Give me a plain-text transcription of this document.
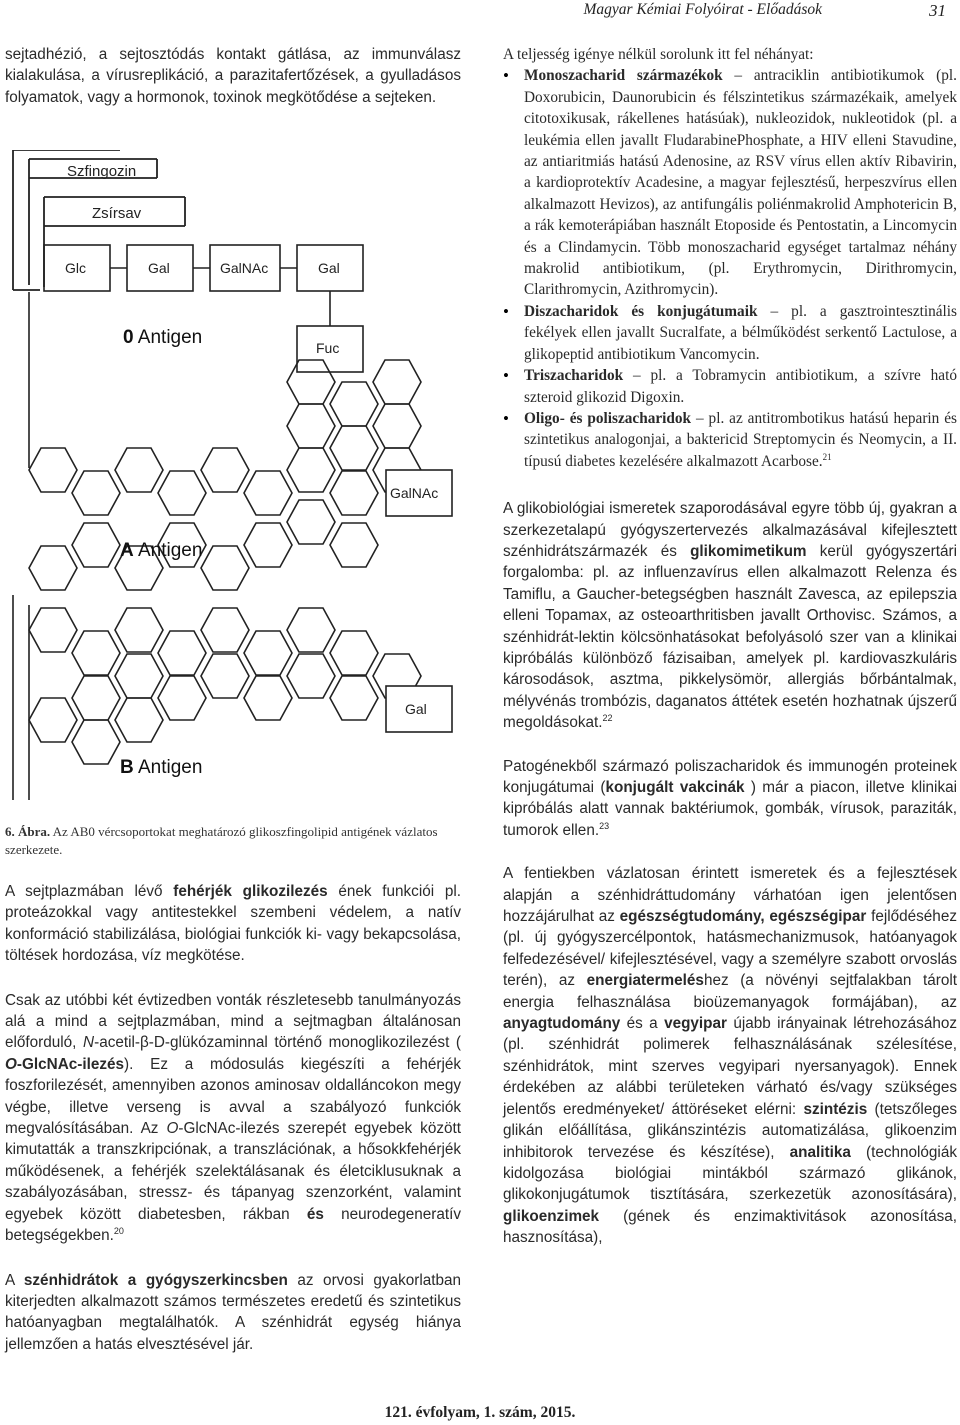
Magyar Kémiai Folyóirat - Előadások	31

sejtadhézió, a sejtosztódás kontakt gátlása, az immunválasz kialakulása, a vírusreplikáció, a parazitafertőzések, a gyulladásos folyamatok, vagy a hormonok, toxinok megkötődése a sejteken.

Szfingozin
Zsírsav
Glc	Gal	GalNAc	Gal
Fuc
0 Antigen
GalNAc
A Antigen
Gal
B Antigen
6. Ábra. Az AB0 vércsoportokat meghatározó glikoszfingolipid antigének vázlatos szerkezete.

A sejtplazmában lévő fehérjék glikozilezés ének funkciói pl. proteázokkal vagy antitestekkel szembeni védelem, a natív konformáció stabilizálása, biológiai funkciók ki- vagy bekapcsolása, töltések hordozása, víz megkötése.

Csak az utóbbi két évtizedben vonták részletesebb tanulmányozás alá a mind a sejtplazmában, mind a sejtmagban általánosan előforduló, N-acetil-β-D-glükózaminnal történő monoglikozilezést ( O-GlcNAc-ilezés). Ez a módosulás kiegészíti a fehérjék foszforilezését, amennyiben azonos aminosav oldalláncokon megy végbe, illetve verseng is avval a szabályozó funkciók megvalósításában. Az O-GlcNAc-ilezés szerepét egyebek között kimutatták a transzkripciónak, a transzlációnak, a hősokkfehérjék működésenek, a fehérjék szelektálásanak és életciklusuknak a szabályozásában, stressz- és tápanyag szenzorként, valamint egyebek között diabetesben, rákban és neurodegeneratív betegségekben.$^{20}$

A szénhidrátok a gyógyszerkincsben az orvosi gyakorlatban kiterjedten alkalmazott számos természetes eredetű és szintetikus hatóanyagban megtalálhatók. A szénhidrát egység hiánya jellemzően a hatás elvesztésével jár.

A teljesség igénye nélkül sorolunk itt fel néhányat:

• Monoszacharid származékok – antraciklin antibiotikumok (pl. Doxorubicin, Daunorubicin és félszintetikus származékaik, amelyek citotoxikusak, rákellenes hatásúak), nukleozidok, nukleotidok (pl. a leukémia ellen javallt FludarabinePhosphate, a HIV elleni Stavudine, az antiaritmiás hatású Adenosine, az RSV vírus ellen aktív Ribavirin, a kardioprotektív Acadesine, a magyar fejlesztésű, herpeszvírus ellen alkalmazott Hevizos), az antifungális poliénmakrolid Amphotericin B, a rák kemoterápiában használt Etoposide és Pentostatin, a Lincomycin és a Clindamycin. Több monoszacharid egységet tartalmaz néhány makrolid antibiotikum, (pl. Erythromycin, Dirithromycin, Clarithromycin, Azithromycin).
• Diszacharidok és konjugátumaik – pl. a gasztrointesztinális fekélyek ellen javallt Sucralfate, a bélműködést serkentő Lactulose, a glikopeptid antibiotikum Vancomycin.
• Triszacharidok – pl. a Tobramycin antibiotikum, a szívre ható szteroid glikozid Digoxin.
• Oligo- és poliszacharidok – pl. az antitrombotikus hatású heparin és szintetikus analogonjai, a baktericid Streptomycin és Neomycin, a II. típusú diabetes kezelésére alkalmazott Acarbose.$^{21}$

A glikobiológiai ismeretek szaporodásával egyre több új, gyakran a szerkezetalapú gyógyszertervezés alkalmazásával kifejlesztett szénhidrátszármazék és glikomimetikum kerül gyógyszertári forgalomba: pl. az influenzavírus ellen alkalmazott Relenza és Tamiflu, a Gaucher-betegségben használt Zavesca, az epilepszia elleni Topamax, az osteoarthritisben javallt Orthovisc. Számos, a szénhidrát-lektin kölcsönhatásokat befolyásoló szer van a klinikai kipróbálás különböző fázisaiban, amelyek pl. kardiovaszkuláris károsodások, asztma, pikkelysömör, allergiás bőrbántalmak, mélyvénás trombózis, daganatos áttétek esetén hozhatnak újszerű megoldásokat.$^{22}$

Patogénekből származó poliszacharidok és immunogén proteinek konjugátumai (konjugált vakcinák ) már a piacon, illetve klinikai kipróbálás alatt vannak baktériumok, gombák, vírusok, paraziták, tumorok ellen.$^{23}$

A fentiekben vázlatosan érintett ismeretek és a fejlesztések alapján a szénhidráttudomány várhatóan igen jelentősen hozzájárulhat az egészségtudomány, egészségipar fejlődéséhez (pl. új gyógyszercélpontok, hatásmechanizmusok, hatóanyagok felfedezésével/ kifejlesztésével, vagy a személyre szabott orvoslás terén), az energiatermeléshez (a növényi sejtfalakban tárolt energia felhasználása bioüzemanyagok formájában), az anyagtudomány és a vegyipar újabb irányainak létrehozásához (pl. szénhidrát polimerek felhasználásának szélesítése, szénhidrátok, mint szerves vegyipari nyersanyagok). Ennek érdekében az alábbi területeken várható és/vagy szükséges jelentős eredményeket/ áttöréseket elérni: szintézis (tetszőleges glikán előállítása, glikánszintézis automatizálása, glikoenzim inhibitorok tervezése és készítése), analitika (technológiák kidolgozása biológiai mintákból származó glikánok, glikokonjugátumok tisztítására, szerkezetük azonosítására), glikoenzimek (gének és enzimaktivitások azonosítása, hasznosítása),

121. évfolyam, 1. szám, 2015.
